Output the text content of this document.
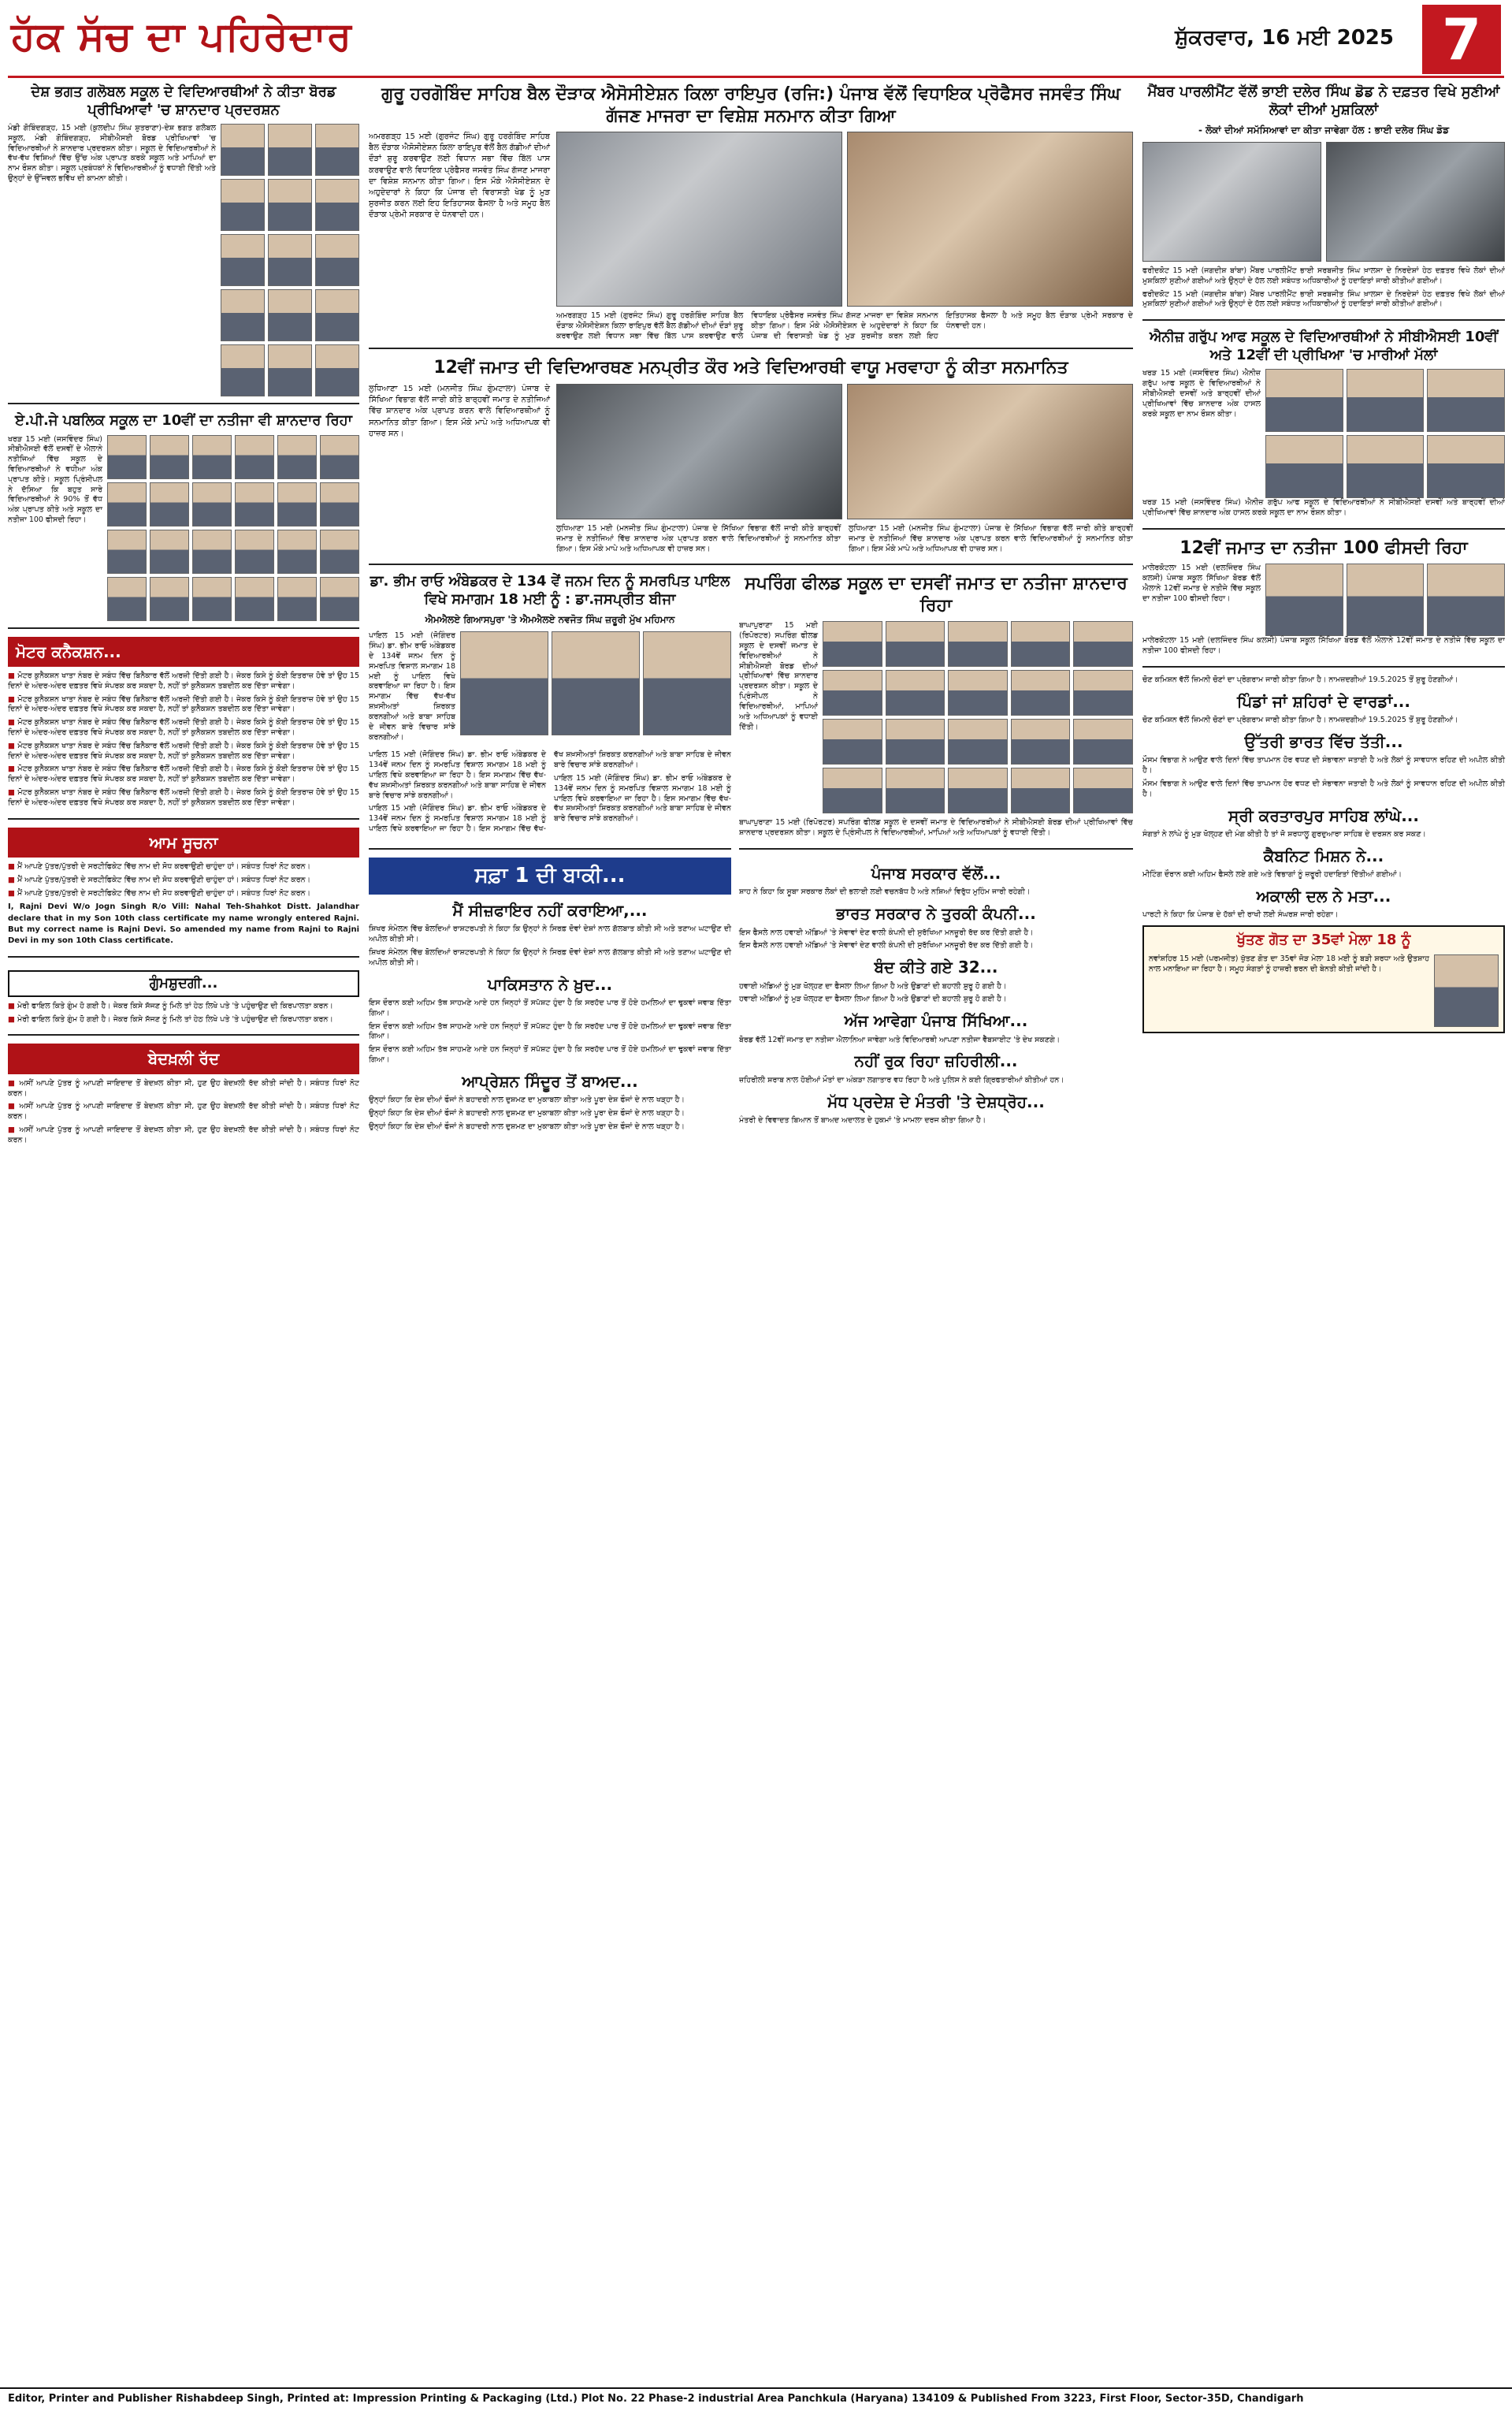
ਹੱਕ ਸੱਚ ਦਾ ਪਹਿਰੇਦਾਰ	ਸ਼ੁੱਕਰਵਾਰ, 16 ਮਈ 2025 7
ਦੇਸ਼ ਭਗਤ ਗਲੋਬਲ ਸਕੂਲ ਦੇ ਵਿਦਿਆਰਥੀਆਂ ਨੇ ਕੀਤਾ ਬੋਰਡ ਪ੍ਰੀਖਿਆਵਾਂ 'ਚ ਸ਼ਾਨਦਾਰ ਪ੍ਰਦਰਸ਼ਨ

ਮੰਡੀ ਗੋਬਿੰਦਗੜ੍ਹ, 15 ਮਈ (ਕੁਲਦੀਪ ਸਿੰਘ ਸ਼ੁਤਰਾਣਾ)-ਦੇਸ਼ ਭਗਤ ਗਲੋਬਲ ਸਕੂਲ, ਮੰਡੀ ਗੋਬਿੰਦਗੜ੍ਹ, ਸੀਬੀਐਸਈ ਬੋਰਡ ਪ੍ਰੀਖਿਆਵਾਂ 'ਚ ਵਿਦਿਆਰਥੀਆਂ ਨੇ ਸ਼ਾਨਦਾਰ ਪ੍ਰਦਰਸ਼ਨ ਕੀਤਾ। ਸਕੂਲ ਦੇ ਵਿਦਿਆਰਥੀਆਂ ਨੇ ਵੱਖ-ਵੱਖ ਵਿਸ਼ਿਆਂ ਵਿੱਚ ਉੱਚ ਅੰਕ ਪ੍ਰਾਪਤ ਕਰਕੇ ਸਕੂਲ ਅਤੇ ਮਾਪਿਆਂ ਦਾ ਨਾਮ ਰੌਸ਼ਨ ਕੀਤਾ। ਸਕੂਲ ਪ੍ਰਬੰਧਕਾਂ ਨੇ ਵਿਦਿਆਰਥੀਆਂ ਨੂੰ ਵਧਾਈ ਦਿੱਤੀ ਅਤੇ ਉਨ੍ਹਾਂ ਦੇ ਉੱਜਵਲ ਭਵਿੱਖ ਦੀ ਕਾਮਨਾ ਕੀਤੀ।

ਏ.ਪੀ.ਜੇ ਪਬਲਿਕ ਸਕੂਲ ਦਾ 10ਵੀਂ ਦਾ ਨਤੀਜਾ ਵੀ ਸ਼ਾਨਦਾਰ ਰਿਹਾ

ਖਰੜ 15 ਮਈ (ਜਸਵਿੰਦਰ ਸਿੰਘ) ਸੀਬੀਐਸਈ ਵੱਲੋਂ ਦਸਵੀਂ ਦੇ ਐਲਾਨੇ ਨਤੀਜਿਆਂ ਵਿੱਚ ਸਕੂਲ ਦੇ ਵਿਦਿਆਰਥੀਆਂ ਨੇ ਵਧੀਆ ਅੰਕ ਪ੍ਰਾਪਤ ਕੀਤੇ। ਸਕੂਲ ਪ੍ਰਿੰਸੀਪਲ ਨੇ ਦੱਸਿਆ ਕਿ ਬਹੁਤ ਸਾਰੇ ਵਿਦਿਆਰਥੀਆਂ ਨੇ 90% ਤੋਂ ਵੱਧ ਅੰਕ ਪ੍ਰਾਪਤ ਕੀਤੇ ਅਤੇ ਸਕੂਲ ਦਾ ਨਤੀਜਾ 100 ਫੀਸਦੀ ਰਿਹਾ।

ਮੋਟਰ ਕਨੈਕਸ਼ਨ...

■ ਮੋਟਰ ਕੁਨੈਕਸ਼ਨ ਖਾਤਾ ਨੰਬਰ ਦੇ ਸਬੰਧ ਵਿੱਚ ਬਿਨੈਕਾਰ ਵੱਲੋਂ ਅਰਜ਼ੀ ਦਿੱਤੀ ਗਈ ਹੈ। ਜੇਕਰ ਕਿਸੇ ਨੂੰ ਕੋਈ ਇਤਰਾਜ਼ ਹੋਵੇ ਤਾਂ ਉਹ 15 ਦਿਨਾਂ ਦੇ ਅੰਦਰ-ਅੰਦਰ ਦਫ਼ਤਰ ਵਿਖੇ ਸੰਪਰਕ ਕਰ ਸਕਦਾ ਹੈ, ਨਹੀਂ ਤਾਂ ਕੁਨੈਕਸ਼ਨ ਤਬਦੀਲ ਕਰ ਦਿੱਤਾ ਜਾਵੇਗਾ।

■ ਮੋਟਰ ਕੁਨੈਕਸ਼ਨ ਖਾਤਾ ਨੰਬਰ ਦੇ ਸਬੰਧ ਵਿੱਚ ਬਿਨੈਕਾਰ ਵੱਲੋਂ ਅਰਜ਼ੀ ਦਿੱਤੀ ਗਈ ਹੈ। ਜੇਕਰ ਕਿਸੇ ਨੂੰ ਕੋਈ ਇਤਰਾਜ਼ ਹੋਵੇ ਤਾਂ ਉਹ 15 ਦਿਨਾਂ ਦੇ ਅੰਦਰ-ਅੰਦਰ ਦਫ਼ਤਰ ਵਿਖੇ ਸੰਪਰਕ ਕਰ ਸਕਦਾ ਹੈ, ਨਹੀਂ ਤਾਂ ਕੁਨੈਕਸ਼ਨ ਤਬਦੀਲ ਕਰ ਦਿੱਤਾ ਜਾਵੇਗਾ।

■ ਮੋਟਰ ਕੁਨੈਕਸ਼ਨ ਖਾਤਾ ਨੰਬਰ ਦੇ ਸਬੰਧ ਵਿੱਚ ਬਿਨੈਕਾਰ ਵੱਲੋਂ ਅਰਜ਼ੀ ਦਿੱਤੀ ਗਈ ਹੈ। ਜੇਕਰ ਕਿਸੇ ਨੂੰ ਕੋਈ ਇਤਰਾਜ਼ ਹੋਵੇ ਤਾਂ ਉਹ 15 ਦਿਨਾਂ ਦੇ ਅੰਦਰ-ਅੰਦਰ ਦਫ਼ਤਰ ਵਿਖੇ ਸੰਪਰਕ ਕਰ ਸਕਦਾ ਹੈ, ਨਹੀਂ ਤਾਂ ਕੁਨੈਕਸ਼ਨ ਤਬਦੀਲ ਕਰ ਦਿੱਤਾ ਜਾਵੇਗਾ।

■ ਮੋਟਰ ਕੁਨੈਕਸ਼ਨ ਖਾਤਾ ਨੰਬਰ ਦੇ ਸਬੰਧ ਵਿੱਚ ਬਿਨੈਕਾਰ ਵੱਲੋਂ ਅਰਜ਼ੀ ਦਿੱਤੀ ਗਈ ਹੈ। ਜੇਕਰ ਕਿਸੇ ਨੂੰ ਕੋਈ ਇਤਰਾਜ਼ ਹੋਵੇ ਤਾਂ ਉਹ 15 ਦਿਨਾਂ ਦੇ ਅੰਦਰ-ਅੰਦਰ ਦਫ਼ਤਰ ਵਿਖੇ ਸੰਪਰਕ ਕਰ ਸਕਦਾ ਹੈ, ਨਹੀਂ ਤਾਂ ਕੁਨੈਕਸ਼ਨ ਤਬਦੀਲ ਕਰ ਦਿੱਤਾ ਜਾਵੇਗਾ।

■ ਮੋਟਰ ਕੁਨੈਕਸ਼ਨ ਖਾਤਾ ਨੰਬਰ ਦੇ ਸਬੰਧ ਵਿੱਚ ਬਿਨੈਕਾਰ ਵੱਲੋਂ ਅਰਜ਼ੀ ਦਿੱਤੀ ਗਈ ਹੈ। ਜੇਕਰ ਕਿਸੇ ਨੂੰ ਕੋਈ ਇਤਰਾਜ਼ ਹੋਵੇ ਤਾਂ ਉਹ 15 ਦਿਨਾਂ ਦੇ ਅੰਦਰ-ਅੰਦਰ ਦਫ਼ਤਰ ਵਿਖੇ ਸੰਪਰਕ ਕਰ ਸਕਦਾ ਹੈ, ਨਹੀਂ ਤਾਂ ਕੁਨੈਕਸ਼ਨ ਤਬਦੀਲ ਕਰ ਦਿੱਤਾ ਜਾਵੇਗਾ।

■ ਮੋਟਰ ਕੁਨੈਕਸ਼ਨ ਖਾਤਾ ਨੰਬਰ ਦੇ ਸਬੰਧ ਵਿੱਚ ਬਿਨੈਕਾਰ ਵੱਲੋਂ ਅਰਜ਼ੀ ਦਿੱਤੀ ਗਈ ਹੈ। ਜੇਕਰ ਕਿਸੇ ਨੂੰ ਕੋਈ ਇਤਰਾਜ਼ ਹੋਵੇ ਤਾਂ ਉਹ 15 ਦਿਨਾਂ ਦੇ ਅੰਦਰ-ਅੰਦਰ ਦਫ਼ਤਰ ਵਿਖੇ ਸੰਪਰਕ ਕਰ ਸਕਦਾ ਹੈ, ਨਹੀਂ ਤਾਂ ਕੁਨੈਕਸ਼ਨ ਤਬਦੀਲ ਕਰ ਦਿੱਤਾ ਜਾਵੇਗਾ।

ਆਮ ਸੂਚਨਾ

■ ਮੈਂ ਆਪਣੇ ਪੁੱਤਰ/ਪੁੱਤਰੀ ਦੇ ਸਰਟੀਫਿਕੇਟ ਵਿੱਚ ਨਾਮ ਦੀ ਸੋਧ ਕਰਵਾਉਣੀ ਚਾਹੁੰਦਾ ਹਾਂ। ਸਬੰਧਤ ਧਿਰਾਂ ਨੋਟ ਕਰਨ।

■ ਮੈਂ ਆਪਣੇ ਪੁੱਤਰ/ਪੁੱਤਰੀ ਦੇ ਸਰਟੀਫਿਕੇਟ ਵਿੱਚ ਨਾਮ ਦੀ ਸੋਧ ਕਰਵਾਉਣੀ ਚਾਹੁੰਦਾ ਹਾਂ। ਸਬੰਧਤ ਧਿਰਾਂ ਨੋਟ ਕਰਨ।

■ ਮੈਂ ਆਪਣੇ ਪੁੱਤਰ/ਪੁੱਤਰੀ ਦੇ ਸਰਟੀਫਿਕੇਟ ਵਿੱਚ ਨਾਮ ਦੀ ਸੋਧ ਕਰਵਾਉਣੀ ਚਾਹੁੰਦਾ ਹਾਂ। ਸਬੰਧਤ ਧਿਰਾਂ ਨੋਟ ਕਰਨ।

I, Rajni Devi W/o Jogn Singh R/o Vill: Nahal Teh-Shahkot Distt. Jalandhar declare that in my Son 10th class certificate my name wrongly entered Rajni. But my correct name is Rajni Devi. So amended my name from Rajni to Rajni Devi in my son 10th Class certificate.

ਗੁੰਮਸ਼ੁਦਗੀ...

■ ਮੇਰੀ ਫਾਇਲ ਕਿਤੇ ਗੁੰਮ ਹੋ ਗਈ ਹੈ। ਜੇਕਰ ਕਿਸੇ ਸੱਜਣ ਨੂੰ ਮਿਲੇ ਤਾਂ ਹੇਠ ਲਿਖੇ ਪਤੇ 'ਤੇ ਪਹੁੰਚਾਉਣ ਦੀ ਕਿਰਪਾਲਤਾ ਕਰਨ।

■ ਮੇਰੀ ਫਾਇਲ ਕਿਤੇ ਗੁੰਮ ਹੋ ਗਈ ਹੈ। ਜੇਕਰ ਕਿਸੇ ਸੱਜਣ ਨੂੰ ਮਿਲੇ ਤਾਂ ਹੇਠ ਲਿਖੇ ਪਤੇ 'ਤੇ ਪਹੁੰਚਾਉਣ ਦੀ ਕਿਰਪਾਲਤਾ ਕਰਨ।

ਬੇਦਖ਼ਲੀ ਰੱਦ

■ ਅਸੀਂ ਆਪਣੇ ਪੁੱਤਰ ਨੂੰ ਆਪਣੀ ਜਾਇਦਾਦ ਤੋਂ ਬੇਦਖ਼ਲ ਕੀਤਾ ਸੀ, ਹੁਣ ਉਹ ਬੇਦਖ਼ਲੀ ਰੱਦ ਕੀਤੀ ਜਾਂਦੀ ਹੈ। ਸਬੰਧਤ ਧਿਰਾਂ ਨੋਟ ਕਰਨ।

■ ਅਸੀਂ ਆਪਣੇ ਪੁੱਤਰ ਨੂੰ ਆਪਣੀ ਜਾਇਦਾਦ ਤੋਂ ਬੇਦਖ਼ਲ ਕੀਤਾ ਸੀ, ਹੁਣ ਉਹ ਬੇਦਖ਼ਲੀ ਰੱਦ ਕੀਤੀ ਜਾਂਦੀ ਹੈ। ਸਬੰਧਤ ਧਿਰਾਂ ਨੋਟ ਕਰਨ।

■ ਅਸੀਂ ਆਪਣੇ ਪੁੱਤਰ ਨੂੰ ਆਪਣੀ ਜਾਇਦਾਦ ਤੋਂ ਬੇਦਖ਼ਲ ਕੀਤਾ ਸੀ, ਹੁਣ ਉਹ ਬੇਦਖ਼ਲੀ ਰੱਦ ਕੀਤੀ ਜਾਂਦੀ ਹੈ। ਸਬੰਧਤ ਧਿਰਾਂ ਨੋਟ ਕਰਨ।

ਗੁਰੂ ਹਰਗੋਬਿੰਦ ਸਾਹਿਬ ਬੈਲ ਦੌੜਾਕ ਐਸੋਸੀਏਸ਼ਨ ਕਿਲਾ ਰਾਇਪੁਰ (ਰਜਿ:) ਪੰਜਾਬ ਵੱਲੋਂ ਵਿਧਾਇਕ ਪ੍ਰੋਫੈਸਰ ਜਸਵੰਤ ਸਿੰਘ ਗੱਜਣ ਮਾਜਰਾ ਦਾ ਵਿਸ਼ੇਸ਼ ਸਨਮਾਨ ਕੀਤਾ ਗਿਆ

ਅਮਰਗੜ੍ਹ 15 ਮਈ (ਗੁਰਜੰਟ ਸਿੰਘ) ਗੁਰੂ ਹਰਗੋਬਿੰਦ ਸਾਹਿਬ ਬੈਲ ਦੌੜਾਕ ਐਸੋਸੀਏਸ਼ਨ ਕਿਲਾ ਰਾਇਪੁਰ ਵੱਲੋਂ ਬੈਲ ਗੱਡੀਆਂ ਦੀਆਂ ਦੌੜਾਂ ਸ਼ੁਰੂ ਕਰਵਾਉਣ ਲਈ ਵਿਧਾਨ ਸਭਾ ਵਿੱਚ ਬਿੱਲ ਪਾਸ ਕਰਵਾਉਣ ਵਾਲੇ ਵਿਧਾਇਕ ਪ੍ਰੋਫੈਸਰ ਜਸਵੰਤ ਸਿੰਘ ਗੱਜਣ ਮਾਜਰਾ ਦਾ ਵਿਸ਼ੇਸ਼ ਸਨਮਾਨ ਕੀਤਾ ਗਿਆ। ਇਸ ਮੌਕੇ ਐਸੋਸੀਏਸ਼ਨ ਦੇ ਅਹੁਦੇਦਾਰਾਂ ਨੇ ਕਿਹਾ ਕਿ ਪੰਜਾਬ ਦੀ ਵਿਰਾਸਤੀ ਖੇਡ ਨੂੰ ਮੁੜ ਸੁਰਜੀਤ ਕਰਨ ਲਈ ਇਹ ਇਤਿਹਾਸਕ ਫੈਸਲਾ ਹੈ ਅਤੇ ਸਮੂਹ ਬੈਲ ਦੌੜਾਕ ਪ੍ਰੇਮੀ ਸਰਕਾਰ ਦੇ ਧੰਨਵਾਦੀ ਹਨ।

ਅਮਰਗੜ੍ਹ 15 ਮਈ (ਗੁਰਜੰਟ ਸਿੰਘ) ਗੁਰੂ ਹਰਗੋਬਿੰਦ ਸਾਹਿਬ ਬੈਲ ਦੌੜਾਕ ਐਸੋਸੀਏਸ਼ਨ ਕਿਲਾ ਰਾਇਪੁਰ ਵੱਲੋਂ ਬੈਲ ਗੱਡੀਆਂ ਦੀਆਂ ਦੌੜਾਂ ਸ਼ੁਰੂ ਕਰਵਾਉਣ ਲਈ ਵਿਧਾਨ ਸਭਾ ਵਿੱਚ ਬਿੱਲ ਪਾਸ ਕਰਵਾਉਣ ਵਾਲੇ ਵਿਧਾਇਕ ਪ੍ਰੋਫੈਸਰ ਜਸਵੰਤ ਸਿੰਘ ਗੱਜਣ ਮਾਜਰਾ ਦਾ ਵਿਸ਼ੇਸ਼ ਸਨਮਾਨ ਕੀਤਾ ਗਿਆ। ਇਸ ਮੌਕੇ ਐਸੋਸੀਏਸ਼ਨ ਦੇ ਅਹੁਦੇਦਾਰਾਂ ਨੇ ਕਿਹਾ ਕਿ ਪੰਜਾਬ ਦੀ ਵਿਰਾਸਤੀ ਖੇਡ ਨੂੰ ਮੁੜ ਸੁਰਜੀਤ ਕਰਨ ਲਈ ਇਹ ਇਤਿਹਾਸਕ ਫੈਸਲਾ ਹੈ ਅਤੇ ਸਮੂਹ ਬੈਲ ਦੌੜਾਕ ਪ੍ਰੇਮੀ ਸਰਕਾਰ ਦੇ ਧੰਨਵਾਦੀ ਹਨ।

12ਵੀਂ ਜਮਾਤ ਦੀ ਵਿਦਿਆਰਥਣ ਮਨਪ੍ਰੀਤ ਕੌਰ ਅਤੇ ਵਿਦਿਆਰਥੀ ਵਾਯੂ ਮਰਵਾਹਾ ਨੂੰ ਕੀਤਾ ਸਨਮਾਨਿਤ

ਲੁਧਿਆਣਾ 15 ਮਈ (ਮਨਜੀਤ ਸਿੰਘ ਗੁੰਮਟਾਲਾ) ਪੰਜਾਬ ਦੇ ਸਿੱਖਿਆ ਵਿਭਾਗ ਵੱਲੋਂ ਜਾਰੀ ਕੀਤੇ ਬਾਰ੍ਹਵੀਂ ਜਮਾਤ ਦੇ ਨਤੀਜਿਆਂ ਵਿੱਚ ਸ਼ਾਨਦਾਰ ਅੰਕ ਪ੍ਰਾਪਤ ਕਰਨ ਵਾਲੇ ਵਿਦਿਆਰਥੀਆਂ ਨੂੰ ਸਨਮਾਨਿਤ ਕੀਤਾ ਗਿਆ। ਇਸ ਮੌਕੇ ਮਾਪੇ ਅਤੇ ਅਧਿਆਪਕ ਵੀ ਹਾਜ਼ਰ ਸਨ।

ਲੁਧਿਆਣਾ 15 ਮਈ (ਮਨਜੀਤ ਸਿੰਘ ਗੁੰਮਟਾਲਾ) ਪੰਜਾਬ ਦੇ ਸਿੱਖਿਆ ਵਿਭਾਗ ਵੱਲੋਂ ਜਾਰੀ ਕੀਤੇ ਬਾਰ੍ਹਵੀਂ ਜਮਾਤ ਦੇ ਨਤੀਜਿਆਂ ਵਿੱਚ ਸ਼ਾਨਦਾਰ ਅੰਕ ਪ੍ਰਾਪਤ ਕਰਨ ਵਾਲੇ ਵਿਦਿਆਰਥੀਆਂ ਨੂੰ ਸਨਮਾਨਿਤ ਕੀਤਾ ਗਿਆ। ਇਸ ਮੌਕੇ ਮਾਪੇ ਅਤੇ ਅਧਿਆਪਕ ਵੀ ਹਾਜ਼ਰ ਸਨ।

ਲੁਧਿਆਣਾ 15 ਮਈ (ਮਨਜੀਤ ਸਿੰਘ ਗੁੰਮਟਾਲਾ) ਪੰਜਾਬ ਦੇ ਸਿੱਖਿਆ ਵਿਭਾਗ ਵੱਲੋਂ ਜਾਰੀ ਕੀਤੇ ਬਾਰ੍ਹਵੀਂ ਜਮਾਤ ਦੇ ਨਤੀਜਿਆਂ ਵਿੱਚ ਸ਼ਾਨਦਾਰ ਅੰਕ ਪ੍ਰਾਪਤ ਕਰਨ ਵਾਲੇ ਵਿਦਿਆਰਥੀਆਂ ਨੂੰ ਸਨਮਾਨਿਤ ਕੀਤਾ ਗਿਆ। ਇਸ ਮੌਕੇ ਮਾਪੇ ਅਤੇ ਅਧਿਆਪਕ ਵੀ ਹਾਜ਼ਰ ਸਨ।

ਡਾ. ਭੀਮ ਰਾਓ ਅੰਬੇਡਕਰ ਦੇ 134 ਵੇਂ ਜਨਮ ਦਿਨ ਨੂੰ ਸਮਰਪਿਤ ਪਾਇਲ ਵਿਖੇ ਸਮਾਗਮ 18 ਮਈ ਨੂੰ : ਡਾ.ਜਸਪ੍ਰੀਤ ਬੀਜਾ
ਐਮਐਲਏ ਗਿਆਸਪੁਰਾ 'ਤੇ ਐਮਐਲਏ ਨਵਜੋਤ ਸਿੰਘ ਜ਼ਰੂਰੀ ਮੁੱਖ ਮਹਿਮਾਨ

ਪਾਇਲ 15 ਮਈ (ਜੋਗਿੰਦਰ ਸਿੰਘ) ਡਾ. ਭੀਮ ਰਾਓ ਅੰਬੇਡਕਰ ਦੇ 134ਵੇਂ ਜਨਮ ਦਿਨ ਨੂੰ ਸਮਰਪਿਤ ਵਿਸ਼ਾਲ ਸਮਾਗਮ 18 ਮਈ ਨੂੰ ਪਾਇਲ ਵਿਖੇ ਕਰਵਾਇਆ ਜਾ ਰਿਹਾ ਹੈ। ਇਸ ਸਮਾਗਮ ਵਿੱਚ ਵੱਖ-ਵੱਖ ਸ਼ਖ਼ਸੀਅਤਾਂ ਸ਼ਿਰਕਤ ਕਰਨਗੀਆਂ ਅਤੇ ਬਾਬਾ ਸਾਹਿਬ ਦੇ ਜੀਵਨ ਬਾਰੇ ਵਿਚਾਰ ਸਾਂਝੇ ਕਰਨਗੀਆਂ।

ਪਾਇਲ 15 ਮਈ (ਜੋਗਿੰਦਰ ਸਿੰਘ) ਡਾ. ਭੀਮ ਰਾਓ ਅੰਬੇਡਕਰ ਦੇ 134ਵੇਂ ਜਨਮ ਦਿਨ ਨੂੰ ਸਮਰਪਿਤ ਵਿਸ਼ਾਲ ਸਮਾਗਮ 18 ਮਈ ਨੂੰ ਪਾਇਲ ਵਿਖੇ ਕਰਵਾਇਆ ਜਾ ਰਿਹਾ ਹੈ। ਇਸ ਸਮਾਗਮ ਵਿੱਚ ਵੱਖ-ਵੱਖ ਸ਼ਖ਼ਸੀਅਤਾਂ ਸ਼ਿਰਕਤ ਕਰਨਗੀਆਂ ਅਤੇ ਬਾਬਾ ਸਾਹਿਬ ਦੇ ਜੀਵਨ ਬਾਰੇ ਵਿਚਾਰ ਸਾਂਝੇ ਕਰਨਗੀਆਂ।

ਪਾਇਲ 15 ਮਈ (ਜੋਗਿੰਦਰ ਸਿੰਘ) ਡਾ. ਭੀਮ ਰਾਓ ਅੰਬੇਡਕਰ ਦੇ 134ਵੇਂ ਜਨਮ ਦਿਨ ਨੂੰ ਸਮਰਪਿਤ ਵਿਸ਼ਾਲ ਸਮਾਗਮ 18 ਮਈ ਨੂੰ ਪਾਇਲ ਵਿਖੇ ਕਰਵਾਇਆ ਜਾ ਰਿਹਾ ਹੈ। ਇਸ ਸਮਾਗਮ ਵਿੱਚ ਵੱਖ-ਵੱਖ ਸ਼ਖ਼ਸੀਅਤਾਂ ਸ਼ਿਰਕਤ ਕਰਨਗੀਆਂ ਅਤੇ ਬਾਬਾ ਸਾਹਿਬ ਦੇ ਜੀਵਨ ਬਾਰੇ ਵਿਚਾਰ ਸਾਂਝੇ ਕਰਨਗੀਆਂ।

ਪਾਇਲ 15 ਮਈ (ਜੋਗਿੰਦਰ ਸਿੰਘ) ਡਾ. ਭੀਮ ਰਾਓ ਅੰਬੇਡਕਰ ਦੇ 134ਵੇਂ ਜਨਮ ਦਿਨ ਨੂੰ ਸਮਰਪਿਤ ਵਿਸ਼ਾਲ ਸਮਾਗਮ 18 ਮਈ ਨੂੰ ਪਾਇਲ ਵਿਖੇ ਕਰਵਾਇਆ ਜਾ ਰਿਹਾ ਹੈ। ਇਸ ਸਮਾਗਮ ਵਿੱਚ ਵੱਖ-ਵੱਖ ਸ਼ਖ਼ਸੀਅਤਾਂ ਸ਼ਿਰਕਤ ਕਰਨਗੀਆਂ ਅਤੇ ਬਾਬਾ ਸਾਹਿਬ ਦੇ ਜੀਵਨ ਬਾਰੇ ਵਿਚਾਰ ਸਾਂਝੇ ਕਰਨਗੀਆਂ।

ਸਪਰਿੰਗ ਫੀਲਡ ਸਕੂਲ ਦਾ ਦਸਵੀਂ ਜਮਾਤ ਦਾ ਨਤੀਜਾ ਸ਼ਾਨਦਾਰ ਰਿਹਾ

ਬਾਘਾਪੁਰਾਣਾ 15 ਮਈ (ਰਿਪੋਰਟਰ) ਸਪਰਿੰਗ ਫੀਲਡ ਸਕੂਲ ਦੇ ਦਸਵੀਂ ਜਮਾਤ ਦੇ ਵਿਦਿਆਰਥੀਆਂ ਨੇ ਸੀਬੀਐਸਈ ਬੋਰਡ ਦੀਆਂ ਪ੍ਰੀਖਿਆਵਾਂ ਵਿੱਚ ਸ਼ਾਨਦਾਰ ਪ੍ਰਦਰਸ਼ਨ ਕੀਤਾ। ਸਕੂਲ ਦੇ ਪ੍ਰਿੰਸੀਪਲ ਨੇ ਵਿਦਿਆਰਥੀਆਂ, ਮਾਪਿਆਂ ਅਤੇ ਅਧਿਆਪਕਾਂ ਨੂੰ ਵਧਾਈ ਦਿੱਤੀ।

ਬਾਘਾਪੁਰਾਣਾ 15 ਮਈ (ਰਿਪੋਰਟਰ) ਸਪਰਿੰਗ ਫੀਲਡ ਸਕੂਲ ਦੇ ਦਸਵੀਂ ਜਮਾਤ ਦੇ ਵਿਦਿਆਰਥੀਆਂ ਨੇ ਸੀਬੀਐਸਈ ਬੋਰਡ ਦੀਆਂ ਪ੍ਰੀਖਿਆਵਾਂ ਵਿੱਚ ਸ਼ਾਨਦਾਰ ਪ੍ਰਦਰਸ਼ਨ ਕੀਤਾ। ਸਕੂਲ ਦੇ ਪ੍ਰਿੰਸੀਪਲ ਨੇ ਵਿਦਿਆਰਥੀਆਂ, ਮਾਪਿਆਂ ਅਤੇ ਅਧਿਆਪਕਾਂ ਨੂੰ ਵਧਾਈ ਦਿੱਤੀ।

ਸਫ਼ਾ 1 ਦੀ ਬਾਕੀ...
ਮੈਂ ਸੀਜ਼ਫਾਇਰ ਨਹੀਂ ਕਰਾਇਆ,...

ਸ਼ਿਖਰ ਸੰਮੇਲਨ ਵਿੱਚ ਬੋਲਦਿਆਂ ਰਾਸ਼ਟਰਪਤੀ ਨੇ ਕਿਹਾ ਕਿ ਉਨ੍ਹਾਂ ਨੇ ਸਿਰਫ਼ ਦੋਵਾਂ ਦੇਸ਼ਾਂ ਨਾਲ ਗੱਲਬਾਤ ਕੀਤੀ ਸੀ ਅਤੇ ਤਣਾਅ ਘਟਾਉਣ ਦੀ ਅਪੀਲ ਕੀਤੀ ਸੀ।

ਸ਼ਿਖਰ ਸੰਮੇਲਨ ਵਿੱਚ ਬੋਲਦਿਆਂ ਰਾਸ਼ਟਰਪਤੀ ਨੇ ਕਿਹਾ ਕਿ ਉਨ੍ਹਾਂ ਨੇ ਸਿਰਫ਼ ਦੋਵਾਂ ਦੇਸ਼ਾਂ ਨਾਲ ਗੱਲਬਾਤ ਕੀਤੀ ਸੀ ਅਤੇ ਤਣਾਅ ਘਟਾਉਣ ਦੀ ਅਪੀਲ ਕੀਤੀ ਸੀ।

ਪਾਕਿਸਤਾਨ ਨੇ ਖ਼ੁਦ...

ਇਸ ਦੌਰਾਨ ਕਈ ਅਹਿਮ ਤੱਥ ਸਾਹਮਣੇ ਆਏ ਹਨ ਜਿਨ੍ਹਾਂ ਤੋਂ ਸਪੱਸ਼ਟ ਹੁੰਦਾ ਹੈ ਕਿ ਸਰਹੱਦ ਪਾਰ ਤੋਂ ਹੋਏ ਹਮਲਿਆਂ ਦਾ ਢੁਕਵਾਂ ਜਵਾਬ ਦਿੱਤਾ ਗਿਆ।

ਇਸ ਦੌਰਾਨ ਕਈ ਅਹਿਮ ਤੱਥ ਸਾਹਮਣੇ ਆਏ ਹਨ ਜਿਨ੍ਹਾਂ ਤੋਂ ਸਪੱਸ਼ਟ ਹੁੰਦਾ ਹੈ ਕਿ ਸਰਹੱਦ ਪਾਰ ਤੋਂ ਹੋਏ ਹਮਲਿਆਂ ਦਾ ਢੁਕਵਾਂ ਜਵਾਬ ਦਿੱਤਾ ਗਿਆ।

ਇਸ ਦੌਰਾਨ ਕਈ ਅਹਿਮ ਤੱਥ ਸਾਹਮਣੇ ਆਏ ਹਨ ਜਿਨ੍ਹਾਂ ਤੋਂ ਸਪੱਸ਼ਟ ਹੁੰਦਾ ਹੈ ਕਿ ਸਰਹੱਦ ਪਾਰ ਤੋਂ ਹੋਏ ਹਮਲਿਆਂ ਦਾ ਢੁਕਵਾਂ ਜਵਾਬ ਦਿੱਤਾ ਗਿਆ।

ਆਪ੍ਰੇਸ਼ਨ ਸਿੰਦੂਰ ਤੋਂ ਬਾਅਦ...

ਉਨ੍ਹਾਂ ਕਿਹਾ ਕਿ ਦੇਸ਼ ਦੀਆਂ ਫੌਜਾਂ ਨੇ ਬਹਾਦਰੀ ਨਾਲ ਦੁਸ਼ਮਣ ਦਾ ਮੁਕਾਬਲਾ ਕੀਤਾ ਅਤੇ ਪੂਰਾ ਦੇਸ਼ ਫੌਜਾਂ ਦੇ ਨਾਲ ਖੜ੍ਹਾ ਹੈ।

ਉਨ੍ਹਾਂ ਕਿਹਾ ਕਿ ਦੇਸ਼ ਦੀਆਂ ਫੌਜਾਂ ਨੇ ਬਹਾਦਰੀ ਨਾਲ ਦੁਸ਼ਮਣ ਦਾ ਮੁਕਾਬਲਾ ਕੀਤਾ ਅਤੇ ਪੂਰਾ ਦੇਸ਼ ਫੌਜਾਂ ਦੇ ਨਾਲ ਖੜ੍ਹਾ ਹੈ।

ਉਨ੍ਹਾਂ ਕਿਹਾ ਕਿ ਦੇਸ਼ ਦੀਆਂ ਫੌਜਾਂ ਨੇ ਬਹਾਦਰੀ ਨਾਲ ਦੁਸ਼ਮਣ ਦਾ ਮੁਕਾਬਲਾ ਕੀਤਾ ਅਤੇ ਪੂਰਾ ਦੇਸ਼ ਫੌਜਾਂ ਦੇ ਨਾਲ ਖੜ੍ਹਾ ਹੈ।

ਪੰਜਾਬ ਸਰਕਾਰ ਵੱਲੋਂ...

ਸ਼ਾਹ ਨੇ ਕਿਹਾ ਕਿ ਸੂਬਾ ਸਰਕਾਰ ਲੋਕਾਂ ਦੀ ਭਲਾਈ ਲਈ ਵਚਨਬੱਧ ਹੈ ਅਤੇ ਨਸ਼ਿਆਂ ਵਿਰੁੱਧ ਮੁਹਿੰਮ ਜਾਰੀ ਰਹੇਗੀ।

ਭਾਰਤ ਸਰਕਾਰ ਨੇ ਤੁਰਕੀ ਕੰਪਨੀ...

ਇਸ ਫੈਸਲੇ ਨਾਲ ਹਵਾਈ ਅੱਡਿਆਂ 'ਤੇ ਸੇਵਾਵਾਂ ਦੇਣ ਵਾਲੀ ਕੰਪਨੀ ਦੀ ਸੁਰੱਖਿਆ ਮਨਜ਼ੂਰੀ ਰੱਦ ਕਰ ਦਿੱਤੀ ਗਈ ਹੈ।

ਇਸ ਫੈਸਲੇ ਨਾਲ ਹਵਾਈ ਅੱਡਿਆਂ 'ਤੇ ਸੇਵਾਵਾਂ ਦੇਣ ਵਾਲੀ ਕੰਪਨੀ ਦੀ ਸੁਰੱਖਿਆ ਮਨਜ਼ੂਰੀ ਰੱਦ ਕਰ ਦਿੱਤੀ ਗਈ ਹੈ।

ਬੰਦ ਕੀਤੇ ਗਏ 32...

ਹਵਾਈ ਅੱਡਿਆਂ ਨੂੰ ਮੁੜ ਖੋਲ੍ਹਣ ਦਾ ਫੈਸਲਾ ਲਿਆ ਗਿਆ ਹੈ ਅਤੇ ਉਡਾਣਾਂ ਦੀ ਬਹਾਲੀ ਸ਼ੁਰੂ ਹੋ ਗਈ ਹੈ।

ਹਵਾਈ ਅੱਡਿਆਂ ਨੂੰ ਮੁੜ ਖੋਲ੍ਹਣ ਦਾ ਫੈਸਲਾ ਲਿਆ ਗਿਆ ਹੈ ਅਤੇ ਉਡਾਣਾਂ ਦੀ ਬਹਾਲੀ ਸ਼ੁਰੂ ਹੋ ਗਈ ਹੈ।

ਅੱਜ ਆਵੇਗਾ ਪੰਜਾਬ ਸਿੱਖਿਆ...

ਬੋਰਡ ਵੱਲੋਂ 12ਵੀਂ ਜਮਾਤ ਦਾ ਨਤੀਜਾ ਐਲਾਨਿਆ ਜਾਵੇਗਾ ਅਤੇ ਵਿਦਿਆਰਥੀ ਆਪਣਾ ਨਤੀਜਾ ਵੈੱਬਸਾਈਟ 'ਤੇ ਦੇਖ ਸਕਣਗੇ।

ਨਹੀਂ ਰੁਕ ਰਿਹਾ ਜ਼ਹਿਰੀਲੀ...

ਜ਼ਹਿਰੀਲੀ ਸ਼ਰਾਬ ਨਾਲ ਹੋਈਆਂ ਮੌਤਾਂ ਦਾ ਅੰਕੜਾ ਲਗਾਤਾਰ ਵਧ ਰਿਹਾ ਹੈ ਅਤੇ ਪੁਲਿਸ ਨੇ ਕਈ ਗ੍ਰਿਫਤਾਰੀਆਂ ਕੀਤੀਆਂ ਹਨ।

ਮੱਧ ਪ੍ਰਦੇਸ਼ ਦੇ ਮੰਤਰੀ 'ਤੇ ਦੇਸ਼ਧ੍ਰੋਹ...

ਮੰਤਰੀ ਦੇ ਵਿਵਾਦਤ ਬਿਆਨ ਤੋਂ ਬਾਅਦ ਅਦਾਲਤ ਦੇ ਹੁਕਮਾਂ 'ਤੇ ਮਾਮਲਾ ਦਰਜ ਕੀਤਾ ਗਿਆ ਹੈ।

ਮੈਂਬਰ ਪਾਰਲੀਮੈਂਟ ਵੱਲੋਂ ਭਾਈ ਦਲੇਰ ਸਿੰਘ ਡੋਡ ਨੇ ਦਫ਼ਤਰ ਵਿਖੇ ਸੁਣੀਆਂ ਲੋਕਾਂ ਦੀਆਂ ਮੁਸ਼ਕਿਲਾਂ
- ਲੋਕਾਂ ਦੀਆਂ ਸਮੱਸਿਆਵਾਂ ਦਾ ਕੀਤਾ ਜਾਵੇਗਾ ਹੱਲ : ਭਾਈ ਦਲੇਰ ਸਿੰਘ ਡੋਡ

ਫਰੀਦਕੋਟ 15 ਮਈ (ਜਗਦੀਸ਼ ਬਾਂਬਾ) ਮੈਂਬਰ ਪਾਰਲੀਮੈਂਟ ਭਾਈ ਸਰਬਜੀਤ ਸਿੰਘ ਖ਼ਾਲਸਾ ਦੇ ਨਿਰਦੇਸ਼ਾਂ ਹੇਠ ਦਫ਼ਤਰ ਵਿਖੇ ਲੋਕਾਂ ਦੀਆਂ ਮੁਸ਼ਕਿਲਾਂ ਸੁਣੀਆਂ ਗਈਆਂ ਅਤੇ ਉਨ੍ਹਾਂ ਦੇ ਹੱਲ ਲਈ ਸਬੰਧਤ ਅਧਿਕਾਰੀਆਂ ਨੂੰ ਹਦਾਇਤਾਂ ਜਾਰੀ ਕੀਤੀਆਂ ਗਈਆਂ।

ਫਰੀਦਕੋਟ 15 ਮਈ (ਜਗਦੀਸ਼ ਬਾਂਬਾ) ਮੈਂਬਰ ਪਾਰਲੀਮੈਂਟ ਭਾਈ ਸਰਬਜੀਤ ਸਿੰਘ ਖ਼ਾਲਸਾ ਦੇ ਨਿਰਦੇਸ਼ਾਂ ਹੇਠ ਦਫ਼ਤਰ ਵਿਖੇ ਲੋਕਾਂ ਦੀਆਂ ਮੁਸ਼ਕਿਲਾਂ ਸੁਣੀਆਂ ਗਈਆਂ ਅਤੇ ਉਨ੍ਹਾਂ ਦੇ ਹੱਲ ਲਈ ਸਬੰਧਤ ਅਧਿਕਾਰੀਆਂ ਨੂੰ ਹਦਾਇਤਾਂ ਜਾਰੀ ਕੀਤੀਆਂ ਗਈਆਂ।

ਐਨੀਜ਼ ਗਰੁੱਪ ਆਫ ਸਕੂਲ ਦੇ ਵਿਦਿਆਰਥੀਆਂ ਨੇ ਸੀਬੀਐਸਈ 10ਵੀਂ ਅਤੇ 12ਵੀਂ ਦੀ ਪ੍ਰੀਖਿਆ 'ਚ ਮਾਰੀਆਂ ਮੱਲਾਂ

ਖਰੜ 15 ਮਈ (ਜਸਵਿੰਦਰ ਸਿੰਘ) ਐਨੀਜ਼ ਗਰੁੱਪ ਆਫ ਸਕੂਲ ਦੇ ਵਿਦਿਆਰਥੀਆਂ ਨੇ ਸੀਬੀਐਸਈ ਦਸਵੀਂ ਅਤੇ ਬਾਰ੍ਹਵੀਂ ਦੀਆਂ ਪ੍ਰੀਖਿਆਵਾਂ ਵਿੱਚ ਸ਼ਾਨਦਾਰ ਅੰਕ ਹਾਸਲ ਕਰਕੇ ਸਕੂਲ ਦਾ ਨਾਮ ਰੌਸ਼ਨ ਕੀਤਾ।

ਖਰੜ 15 ਮਈ (ਜਸਵਿੰਦਰ ਸਿੰਘ) ਐਨੀਜ਼ ਗਰੁੱਪ ਆਫ ਸਕੂਲ ਦੇ ਵਿਦਿਆਰਥੀਆਂ ਨੇ ਸੀਬੀਐਸਈ ਦਸਵੀਂ ਅਤੇ ਬਾਰ੍ਹਵੀਂ ਦੀਆਂ ਪ੍ਰੀਖਿਆਵਾਂ ਵਿੱਚ ਸ਼ਾਨਦਾਰ ਅੰਕ ਹਾਸਲ ਕਰਕੇ ਸਕੂਲ ਦਾ ਨਾਮ ਰੌਸ਼ਨ ਕੀਤਾ।

12ਵੀਂ ਜਮਾਤ ਦਾ ਨਤੀਜਾ 100 ਫੀਸਦੀ ਰਿਹਾ

ਮਾਲੇਰਕੋਟਲਾ 15 ਮਈ (ਦਲਜਿੰਦਰ ਸਿੰਘ ਕਲਸੀ) ਪੰਜਾਬ ਸਕੂਲ ਸਿੱਖਿਆ ਬੋਰਡ ਵੱਲੋਂ ਐਲਾਨੇ 12ਵੀਂ ਜਮਾਤ ਦੇ ਨਤੀਜੇ ਵਿੱਚ ਸਕੂਲ ਦਾ ਨਤੀਜਾ 100 ਫੀਸਦੀ ਰਿਹਾ।

ਮਾਲੇਰਕੋਟਲਾ 15 ਮਈ (ਦਲਜਿੰਦਰ ਸਿੰਘ ਕਲਸੀ) ਪੰਜਾਬ ਸਕੂਲ ਸਿੱਖਿਆ ਬੋਰਡ ਵੱਲੋਂ ਐਲਾਨੇ 12ਵੀਂ ਜਮਾਤ ਦੇ ਨਤੀਜੇ ਵਿੱਚ ਸਕੂਲ ਦਾ ਨਤੀਜਾ 100 ਫੀਸਦੀ ਰਿਹਾ।

ਚੋਣ ਕਮਿਸ਼ਨ ਵੱਲੋਂ ਜ਼ਿਮਨੀ ਚੋਣਾਂ ਦਾ ਪ੍ਰੋਗਰਾਮ ਜਾਰੀ ਕੀਤਾ ਗਿਆ ਹੈ। ਨਾਮਜ਼ਦਗੀਆਂ 19.5.2025 ਤੋਂ ਸ਼ੁਰੂ ਹੋਣਗੀਆਂ।

ਪਿੰਡਾਂ ਜਾਂ ਸ਼ਹਿਰਾਂ ਦੇ ਵਾਰਡਾਂ...

ਚੋਣ ਕਮਿਸ਼ਨ ਵੱਲੋਂ ਜ਼ਿਮਨੀ ਚੋਣਾਂ ਦਾ ਪ੍ਰੋਗਰਾਮ ਜਾਰੀ ਕੀਤਾ ਗਿਆ ਹੈ। ਨਾਮਜ਼ਦਗੀਆਂ 19.5.2025 ਤੋਂ ਸ਼ੁਰੂ ਹੋਣਗੀਆਂ।

ਉੱਤਰੀ ਭਾਰਤ ਵਿੱਚ ਤੱਤੀ...

ਮੌਸਮ ਵਿਭਾਗ ਨੇ ਆਉਣ ਵਾਲੇ ਦਿਨਾਂ ਵਿੱਚ ਤਾਪਮਾਨ ਹੋਰ ਵਧਣ ਦੀ ਸੰਭਾਵਨਾ ਜਤਾਈ ਹੈ ਅਤੇ ਲੋਕਾਂ ਨੂੰ ਸਾਵਧਾਨ ਰਹਿਣ ਦੀ ਅਪੀਲ ਕੀਤੀ ਹੈ।

ਮੌਸਮ ਵਿਭਾਗ ਨੇ ਆਉਣ ਵਾਲੇ ਦਿਨਾਂ ਵਿੱਚ ਤਾਪਮਾਨ ਹੋਰ ਵਧਣ ਦੀ ਸੰਭਾਵਨਾ ਜਤਾਈ ਹੈ ਅਤੇ ਲੋਕਾਂ ਨੂੰ ਸਾਵਧਾਨ ਰਹਿਣ ਦੀ ਅਪੀਲ ਕੀਤੀ ਹੈ।

ਸ੍ਰੀ ਕਰਤਾਰਪੁਰ ਸਾਹਿਬ ਲਾਂਘੇ...

ਸੰਗਤਾਂ ਨੇ ਲਾਂਘੇ ਨੂੰ ਮੁੜ ਖੋਲ੍ਹਣ ਦੀ ਮੰਗ ਕੀਤੀ ਹੈ ਤਾਂ ਜੋ ਸ਼ਰਧਾਲੂ ਗੁਰਦੁਆਰਾ ਸਾਹਿਬ ਦੇ ਦਰਸ਼ਨ ਕਰ ਸਕਣ।

ਕੈਬਨਿਟ ਮਿਸ਼ਨ ਨੇ...

ਮੀਟਿੰਗ ਦੌਰਾਨ ਕਈ ਅਹਿਮ ਫੈਸਲੇ ਲਏ ਗਏ ਅਤੇ ਵਿਭਾਗਾਂ ਨੂੰ ਜ਼ਰੂਰੀ ਹਦਾਇਤਾਂ ਦਿੱਤੀਆਂ ਗਈਆਂ।

ਅਕਾਲੀ ਦਲ ਨੇ ਮਤਾ...

ਪਾਰਟੀ ਨੇ ਕਿਹਾ ਕਿ ਪੰਜਾਬ ਦੇ ਹੱਕਾਂ ਦੀ ਰਾਖੀ ਲਈ ਸੰਘਰਸ਼ ਜਾਰੀ ਰਹੇਗਾ।

ਖੁੱਤਣ ਗੋਤ ਦਾ 35ਵਾਂ ਮੇਲਾ 18 ਨੂੰ

ਨਵਾਂਸ਼ਹਿਰ 15 ਮਈ (ਪਰਮਜੀਤ) ਖੁੱਤਣ ਗੋਤ ਦਾ 35ਵਾਂ ਜੋੜ ਮੇਲਾ 18 ਮਈ ਨੂੰ ਬੜੀ ਸ਼ਰਧਾ ਅਤੇ ਉਤਸ਼ਾਹ ਨਾਲ ਮਨਾਇਆ ਜਾ ਰਿਹਾ ਹੈ। ਸਮੂਹ ਸੰਗਤਾਂ ਨੂੰ ਹਾਜ਼ਰੀ ਭਰਨ ਦੀ ਬੇਨਤੀ ਕੀਤੀ ਜਾਂਦੀ ਹੈ।

Editor, Printer and Publisher Rishabdeep Singh, Printed at: Impression Printing & Packaging (Ltd.) Plot No. 22 Phase-2 industrial Area Panchkula (Haryana) 134109 & Published From 3223, First Floor, Sector-35D, Chandigarh
